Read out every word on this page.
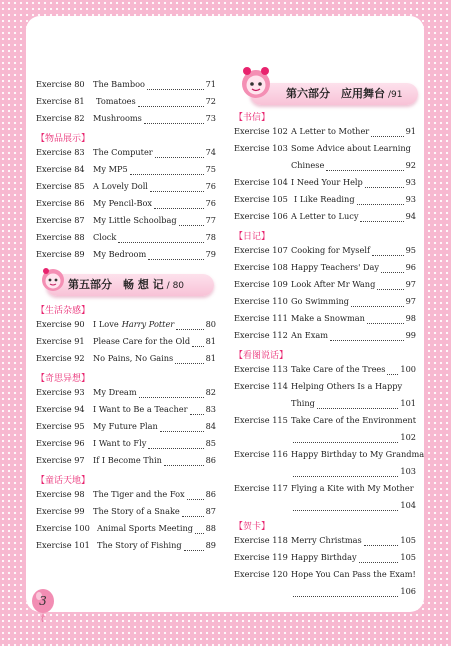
Exercise 80	The Bamboo	71
Exercise 81	Tomatoes	72
Exercise 82	Mushrooms	73
【物品展示】
Exercise 83	The Computer	74
Exercise 84	My MP5	75
Exercise 85	A Lovely Doll	76
Exercise 86	My Pencil-Box	76
Exercise 87	My Little Schoolbag	77
Exercise 88	Clock	78
Exercise 89	My Bedroom	79
第五部分　畅 想 记 / 80
【生活杂感】
Exercise 90	I Love Harry Potter	80
Exercise 91	Please Care for the Old 81
Exercise 92	No Pains, No Gains	81
【奇思异想】
Exercise 93	My Dream	82
Exercise 94	I Want to Be a Teacher 83
Exercise 95	My Future Plan	84
Exercise 96	I Want to Fly	85
Exercise 97	If I Become Thin	86
【童话天地】
Exercise 98	The Tiger and the Fox	86
Exercise 99	The Story of a Snake	87
Exercise 100 Animal Sports Meeting 88
Exercise 101 The Story of Fishing	89
第六部分　应用舞台 /91
【书信】
Exercise 102 A Letter to Mother	91
Exercise 103 Some Advice about Learning
Chinese	92
Exercise 104 I Need Your Help	93
Exercise 105 I Like Reading	93
Exercise 106 A Letter to Lucy	94
【日记】
Exercise 107 Cooking for Myself	95
Exercise 108 Happy Teachers' Day	96
Exercise 109 Look After Mr Wang	97
Exercise 110 Go Swimming	97
Exercise 111 Make a Snowman	98
Exercise 112 An Exam	99
【看图说话】
Exercise 113 Take Care of the Trees 100
Exercise 114 Helping Others Is a Happy
Thing	101
Exercise 115 Take Care of the Environment
102
Exercise 116 Happy Birthday to My Grandma
103
Exercise 117 Flying a Kite with My Mother
104
【贺卡】
Exercise 118 Merry Christmas	105
Exercise 119 Happy Birthday	105
Exercise 120 Hope You Can Pass the Exam!
106
3
